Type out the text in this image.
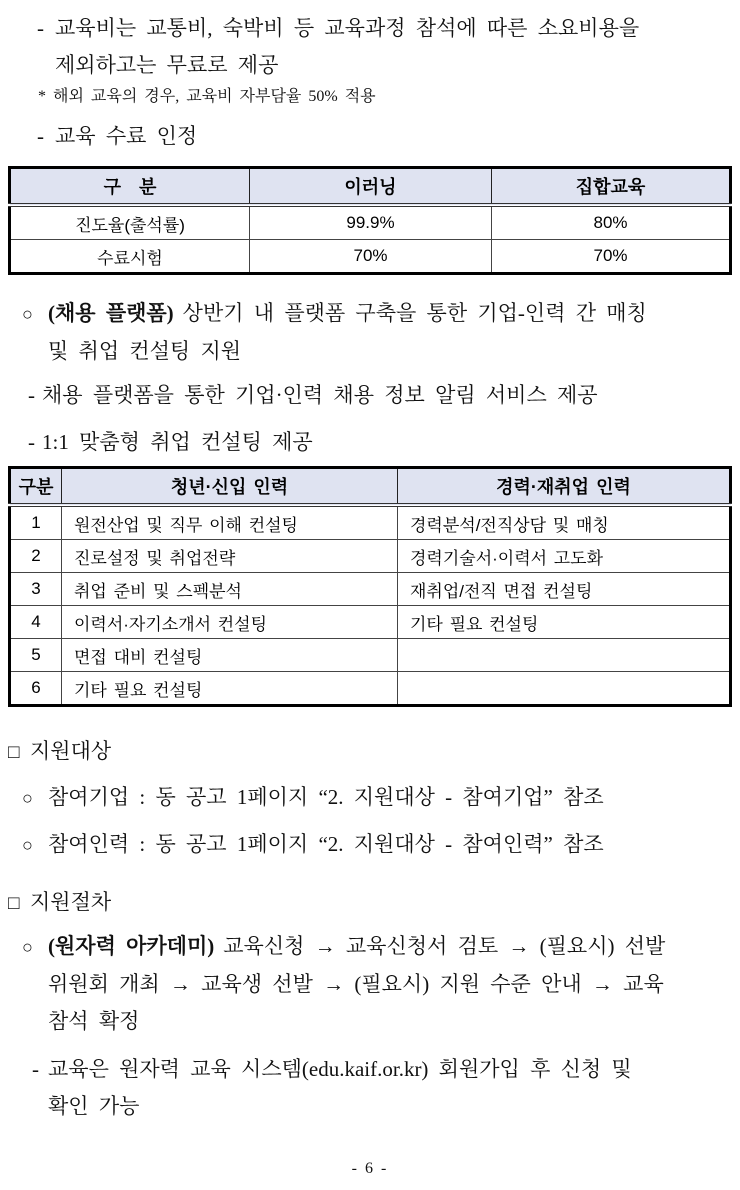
- 교육비는 교통비, 숙박비 등 교육과정 참석에 따른 소요비용을
제외하고는 무료로 제공
* 해외 교육의 경우, 교육비 자부담율 50% 적용
- 교육 수료 인정
구　분	이러닝	집합교육
진도율(출석률)	99.9%	80%
수료시험	70%	70%
○ (채용 플랫폼) 상반기 내 플랫폼 구축을 통한 기업-인력 간 매칭
및 취업 컨설팅 지원
- 채용 플랫폼을 통한 기업·인력 채용 정보 알림 서비스 제공
- 1:1 맞춤형 취업 컨설팅 제공
구분	청년·신입 인력	경력·재취업 인력
1	원전산업 및 직무 이해 컨설팅	경력분석/전직상담 및 매칭
2	진로설정 및 취업전략	경력기술서·이력서 고도화
3	취업 준비 및 스펙분석	재취업/전직 면접 컨설팅
4	이력서·자기소개서 컨설팅	기타 필요 컨설팅
5	면접 대비 컨설팅	
6	기타 필요 컨설팅	
□ 지원대상
○ 참여기업 : 동 공고 1페이지 “2. 지원대상 - 참여기업” 참조
○ 참여인력 : 동 공고 1페이지 “2. 지원대상 - 참여인력” 참조
□ 지원절차
○ (원자력 아카데미) 교육신청 → 교육신청서 검토 → (필요시) 선발
위원회 개최 → 교육생 선발 → (필요시) 지원 수준 안내 → 교육
참석 확정
- 교육은 원자력 교육 시스템(edu.kaif.or.kr) 회원가입 후 신청 및
확인 가능
- 6 -
